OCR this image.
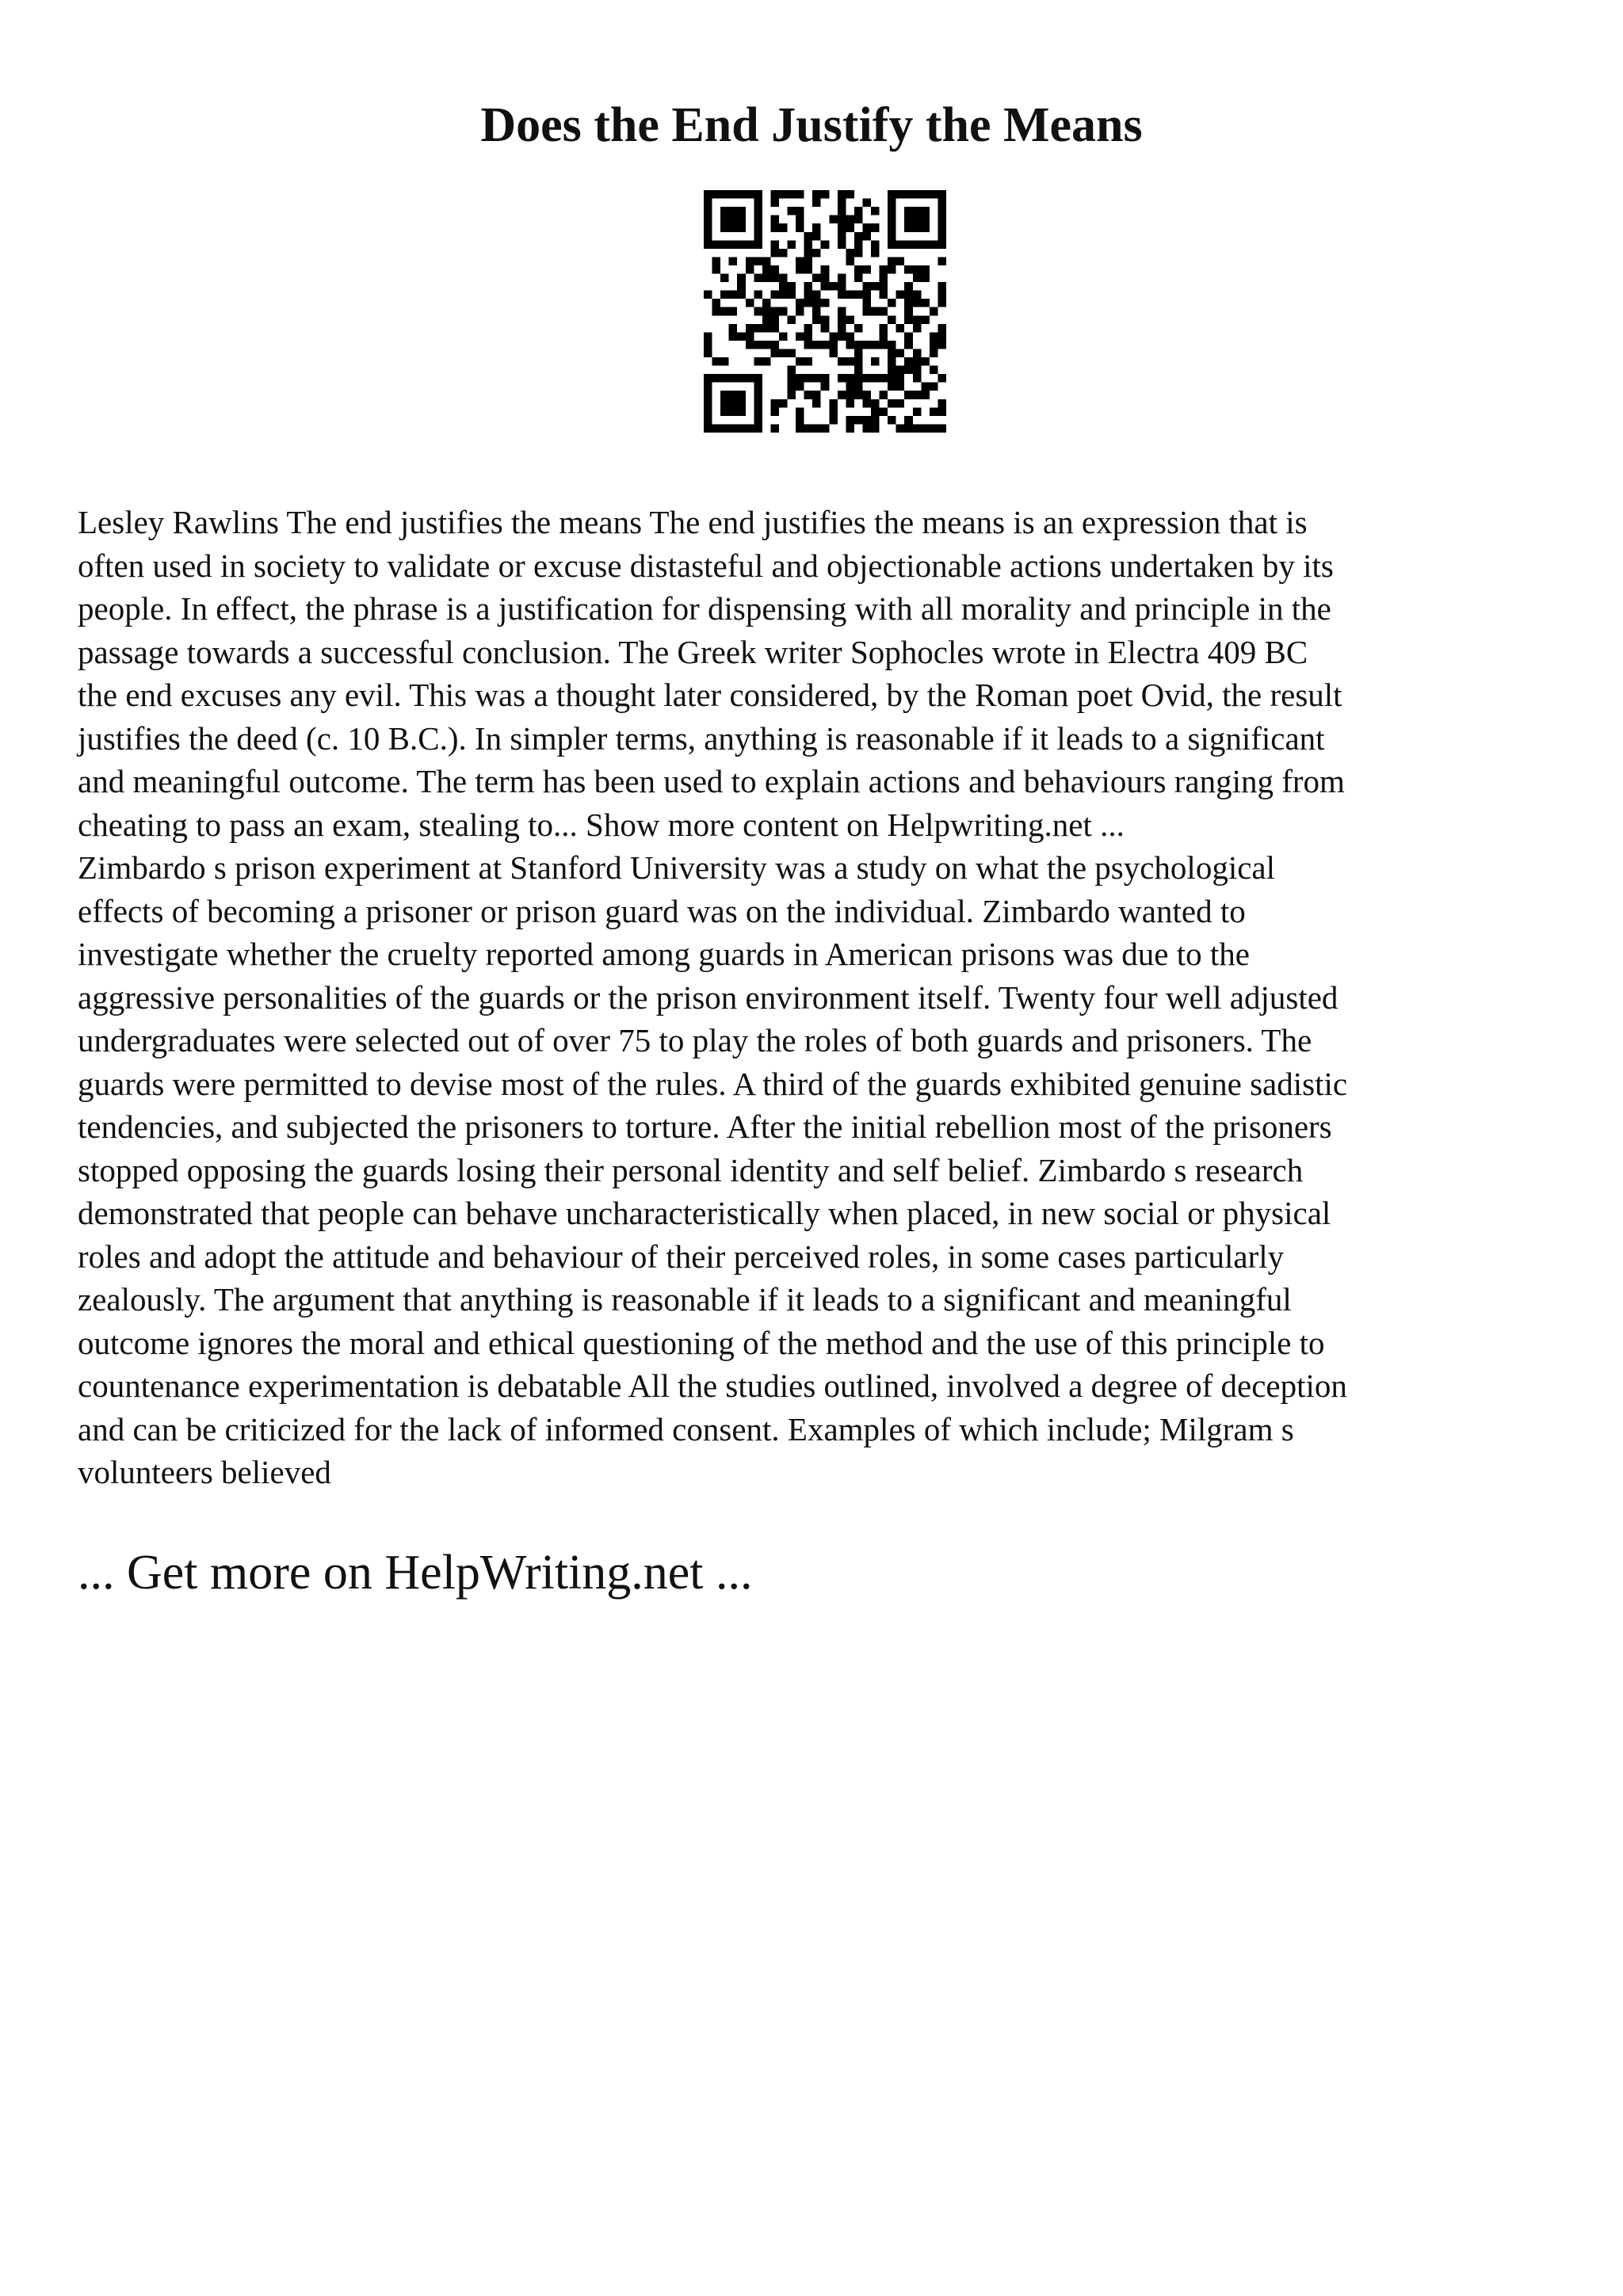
Does the End Justify the Means
Lesley Rawlins The end justifies the means The end justifies the means is an expression that is
often used in society to validate or excuse distasteful and objectionable actions undertaken by its
people. In effect, the phrase is a justification for dispensing with all morality and principle in the
passage towards a successful conclusion. The Greek writer Sophocles wrote in Electra 409 BC
the end excuses any evil. This was a thought later considered, by the Roman poet Ovid, the result
justifies the deed (c. 10 B.C.). In simpler terms, anything is reasonable if it leads to a significant
and meaningful outcome. The term has been used to explain actions and behaviours ranging from
cheating to pass an exam, stealing to... Show more content on Helpwriting.net ...
Zimbardo s prison experiment at Stanford University was a study on what the psychological
effects of becoming a prisoner or prison guard was on the individual. Zimbardo wanted to
investigate whether the cruelty reported among guards in American prisons was due to the
aggressive personalities of the guards or the prison environment itself. Twenty four well adjusted
undergraduates were selected out of over 75 to play the roles of both guards and prisoners. The
guards were permitted to devise most of the rules. A third of the guards exhibited genuine sadistic
tendencies, and subjected the prisoners to torture. After the initial rebellion most of the prisoners
stopped opposing the guards losing their personal identity and self belief. Zimbardo s research
demonstrated that people can behave uncharacteristically when placed, in new social or physical
roles and adopt the attitude and behaviour of their perceived roles, in some cases particularly
zealously. The argument that anything is reasonable if it leads to a significant and meaningful
outcome ignores the moral and ethical questioning of the method and the use of this principle to
countenance experimentation is debatable All the studies outlined, involved a degree of deception
and can be criticized for the lack of informed consent. Examples of which include; Milgram s
volunteers believed
... Get more on HelpWriting.net ...
